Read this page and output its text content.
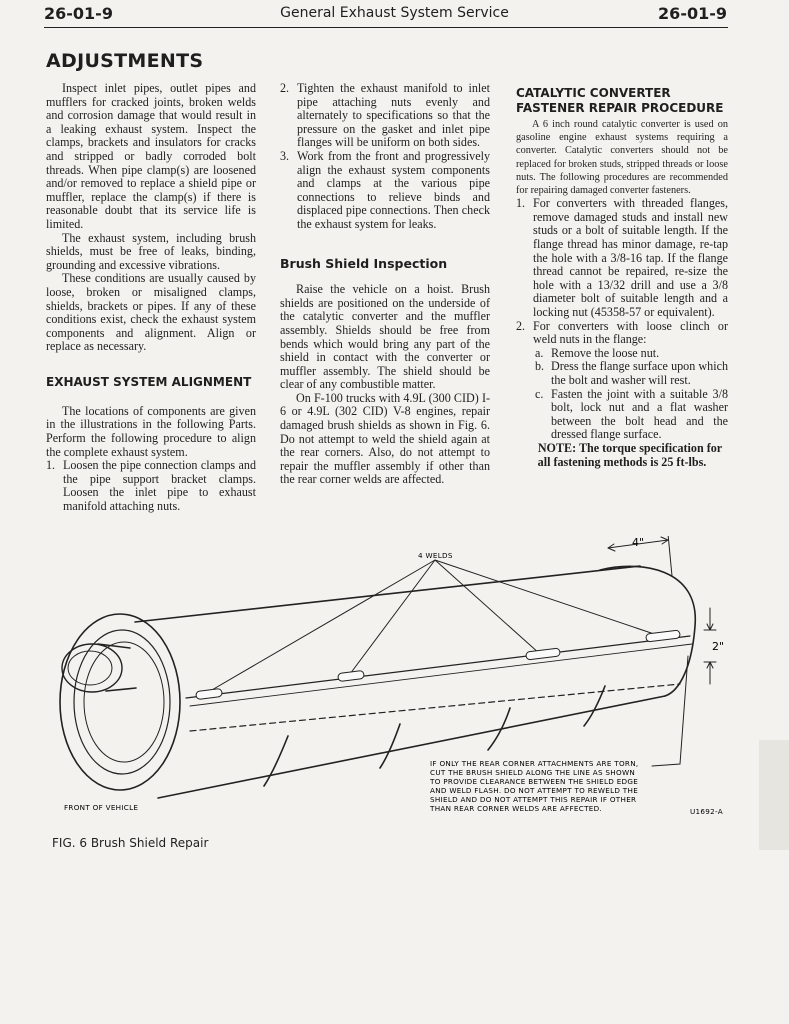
26-01-9	General Exhaust System Service	26-01-9
ADJUSTMENTS

Inspect inlet pipes, outlet pipes and mufflers for cracked joints, broken welds and corrosion damage that would result in a leaking exhaust system. Inspect the clamps, brackets and insulators for cracks and stripped or badly corroded bolt threads. When pipe clamp(s) are loosened and/or removed to replace a shield pipe or muffler, replace the clamp(s) if there is reasonable doubt that its service life is limited.

The exhaust system, including brush shields, must be free of leaks, binding, grounding and excessive vibrations.

These conditions are usually caused by loose, broken or misaligned clamps, shields, brackets or pipes. If any of these conditions exist, check the exhaust system components and alignment. Align or replace as necessary.

EXHAUST SYSTEM ALIGNMENT

The locations of components are given in the illustrations in the following Parts. Perform the following procedure to align the complete exhaust system.

1. Loosen the pipe connection clamps and the pipe support bracket clamps. Loosen the inlet pipe to exhaust manifold attaching nuts.
2. Tighten the exhaust manifold to inlet pipe attaching nuts evenly and alternately to specifications so that the pressure on the gasket and inlet pipe flanges will be uniform on both sides.
3. Work from the front and progressively align the exhaust system components and clamps at the various pipe connections to relieve binds and displaced pipe connections. Then check the exhaust system for leaks.
Brush Shield Inspection

Raise the vehicle on a hoist. Brush shields are positioned on the underside of the catalytic converter and the muffler assembly. Shields should be free from bends which would bring any part of the shield in contact with the converter or muffler assembly. The shield should be clear of any combustible matter.

On F-100 trucks with 4.9L (300 CID) I-6 or 4.9L (302 CID) V-8 engines, repair damaged brush shields as shown in Fig. 6. Do not attempt to weld the shield again at the rear corners. Also, do not attempt to repair the muffler assembly if other than the rear corner welds are affected.

CATALYTIC CONVERTER
FASTENER REPAIR PROCEDURE

A 6 inch round catalytic converter is used on gasoline engine exhaust systems requiring a converter. Catalytic converters should not be replaced for broken studs, stripped threads or loose nuts. The following procedures are recommended for repairing damaged converter fasteners.

1. For converters with threaded flanges, remove damaged studs and install new studs or a bolt of suitable length. If the flange thread has minor damage, re-tap the hole with a 3/8-16 tap. If the flange thread cannot be repaired, re-size the hole with a 13/32 drill and use a 3/8 diameter bolt of suitable length and a locking nut (45358-57 or equivalent).
2. For converters with loose clinch or weld nuts in the flange:
a. Remove the loose nut.
b. Dress the flange surface upon which the bolt and washer will rest.
c. Fasten the joint with a suitable 3/8 bolt, lock nut and a flat washer between the bolt head and the dressed flange surface.

NOTE: The torque specification for all fastening methods is 25 ft-lbs.

4 WELDS
4"
2"
FRONT OF VEHICLE
IF ONLY THE REAR CORNER ATTACHMENTS ARE TORN,
CUT THE BRUSH SHIELD ALONG THE LINE AS SHOWN
TO PROVIDE CLEARANCE BETWEEN THE SHIELD EDGE
AND WELD FLASH. DO NOT ATTEMPT TO REWELD THE
SHIELD AND DO NOT ATTEMPT THIS REPAIR IF OTHER
THAN REAR CORNER WELDS ARE AFFECTED.	U1692-A
FIG. 6 Brush Shield Repair
